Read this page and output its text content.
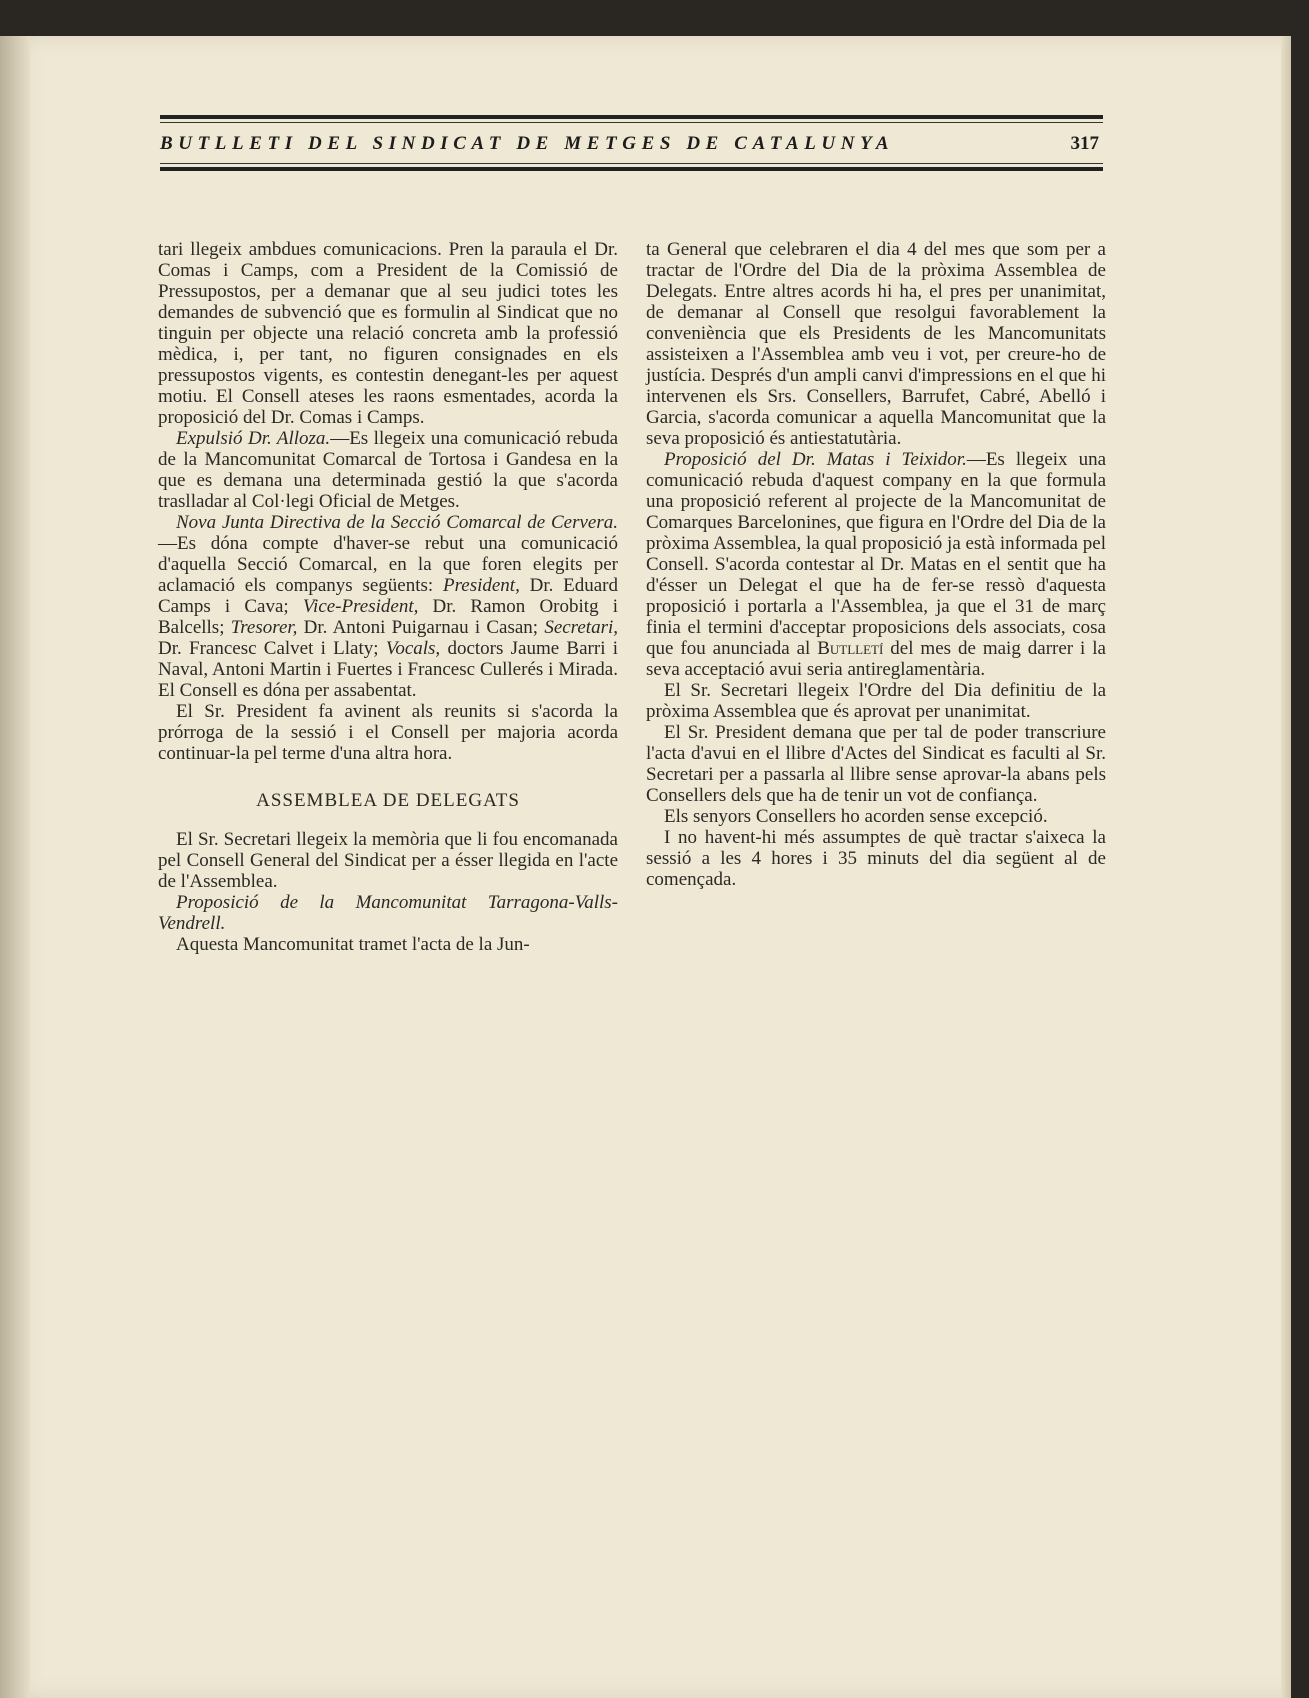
BUTLLETI DEL SINDICAT DE METGES DE CATALUNYA	317

tari llegeix ambdues comunicacions. Pren la paraula el Dr. Comas i Camps, com a President de la Comissió de Pressupostos, per a demanar que al seu judici totes les demandes de subvenció que es formulin al Sindicat que no tinguin per objecte una relació concreta amb la professió mèdica, i, per tant, no figuren consignades en els pressupostos vigents, es contestin denegant-les per aquest motiu. El Consell ateses les raons esmentades, acorda la proposició del Dr. Comas i Camps.

Expulsió Dr. Alloza.—Es llegeix una comunicació rebuda de la Mancomunitat Comarcal de Tortosa i Gandesa en la que es demana una determinada gestió la que s'acorda traslladar al Col·legi Oficial de Metges.

Nova Junta Directiva de la Secció Comarcal de Cervera.—Es dóna compte d'haver-se rebut una comunicació d'aquella Secció Comarcal, en la que foren elegits per aclamació els companys següents: President, Dr. Eduard Camps i Cava; Vice-President, Dr. Ramon Orobitg i Balcells; Tresorer, Dr. Antoni Puigarnau i Casan; Secretari, Dr. Francesc Calvet i Llaty; Vocals, doctors Jaume Barri i Naval, Antoni Martin i Fuertes i Francesc Cullerés i Mirada. El Consell es dóna per assabentat.

El Sr. President fa avinent als reunits si s'acorda la prórroga de la sessió i el Consell per majoria acorda continuar-la pel terme d'una altra hora.

ASSEMBLEA DE DELEGATS

El Sr. Secretari llegeix la memòria que li fou encomanada pel Consell General del Sindicat per a ésser llegida en l'acte de l'Assemblea.

Proposició de la Mancomunitat Tarragona-Valls-Vendrell.

Aquesta Mancomunitat tramet l'acta de la Jun-

ta General que celebraren el dia 4 del mes que som per a tractar de l'Ordre del Dia de la pròxima Assemblea de Delegats. Entre altres acords hi ha, el pres per unanimitat, de demanar al Consell que resolgui favorablement la conveniència que els Presidents de les Mancomunitats assisteixen a l'Assemblea amb veu i vot, per creure-ho de justícia. Després d'un ampli canvi d'impressions en el que hi intervenen els Srs. Consellers, Barrufet, Cabré, Abelló i Garcia, s'acorda comunicar a aquella Mancomunitat que la seva proposició és antiestatutària.

Proposició del Dr. Matas i Teixidor.—Es llegeix una comunicació rebuda d'aquest company en la que formula una proposició referent al projecte de la Mancomunitat de Comarques Barcelonines, que figura en l'Ordre del Dia de la pròxima Assemblea, la qual proposició ja està informada pel Consell. S'acorda contestar al Dr. Matas en el sentit que ha d'ésser un Delegat el que ha de fer-se ressò d'aquesta proposició i portarla a l'Assemblea, ja que el 31 de març finia el termini d'acceptar proposicions dels associats, cosa que fou anunciada al Butlletí del mes de maig darrer i la seva acceptació avui seria antireglamentària.

El Sr. Secretari llegeix l'Ordre del Dia definitiu de la pròxima Assemblea que és aprovat per unanimitat.

El Sr. President demana que per tal de poder transcriure l'acta d'avui en el llibre d'Actes del Sindicat es faculti al Sr. Secretari per a passarla al llibre sense aprovar-la abans pels Consellers dels que ha de tenir un vot de confiança.

Els senyors Consellers ho acorden sense excepció.

I no havent-hi més assumptes de què tractar s'aixeca la sessió a les 4 hores i 35 minuts del dia següent al de començada.
